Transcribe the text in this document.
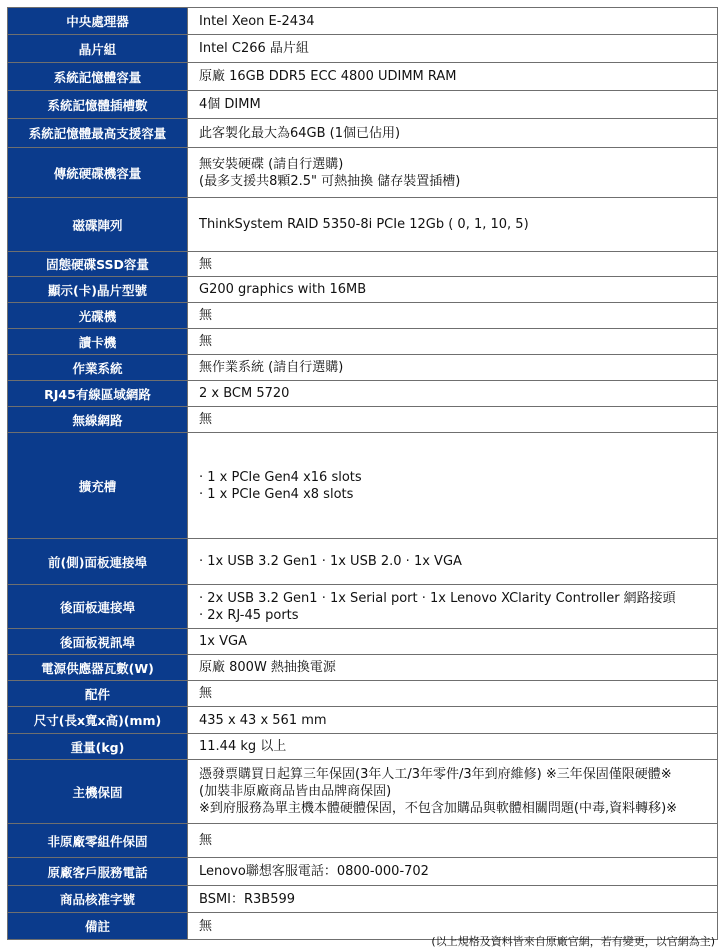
中央處理器	Intel Xeon E-2434

晶片組	Intel C266 晶片組

系統記憶體容量	原廠 16GB DDR5 ECC 4800 UDIMM RAM

系統記憶體插槽數	4個 DIMM

系統記憶體最高支援容量	此客製化最大為64GB (1個已佔用)

傳統硬碟機容量	無安裝硬碟 (請自行選購)
(最多支援共8顆2.5" 可熱抽換 儲存裝置插槽)

磁碟陣列	ThinkSystem RAID 5350-8i PCIe 12Gb ( 0, 1, 10, 5)

固態硬碟SSD容量	無

顯示(卡)晶片型號	G200 graphics with 16MB

光碟機	無

讀卡機	無

作業系統	無作業系統 (請自行選購)

RJ45有線區域網路	2 x BCM 5720

無線網路	無

擴充槽	· 1 x PCIe Gen4 x16 slots
· 1 x PCIe Gen4 x8 slots

前(側)面板連接埠	· 1x USB 3.2 Gen1 · 1x USB 2.0 · 1x VGA

後面板連接埠	· 2x USB 3.2 Gen1 · 1x Serial port · 1x Lenovo XClarity Controller 網路接頭
· 2x RJ-45 ports

後面板視訊埠	1x VGA

電源供應器瓦數(W)	原廠 800W 熱抽換電源

配件	無

尺寸(長x寬x高)(mm)	435 x 43 x 561 mm

重量(kg)	11.44 kg 以上

主機保固	憑發票購買日起算三年保固(3年人工/3年零件/3年到府維修) ※三年保固僅限硬體※
(加裝非原廠商品皆由品牌商保固)
※到府服務為單主機本體硬體保固，不包含加購品與軟體相關問題(中毒,資料轉移)※

非原廠零組件保固	無

原廠客戶服務電話	Lenovo聯想客服電話：0800-000-702

商品核准字號	BSMI：R3B599

備註	無
(以上規格及資料皆來自原廠官網，若有變更，以官網為主)
